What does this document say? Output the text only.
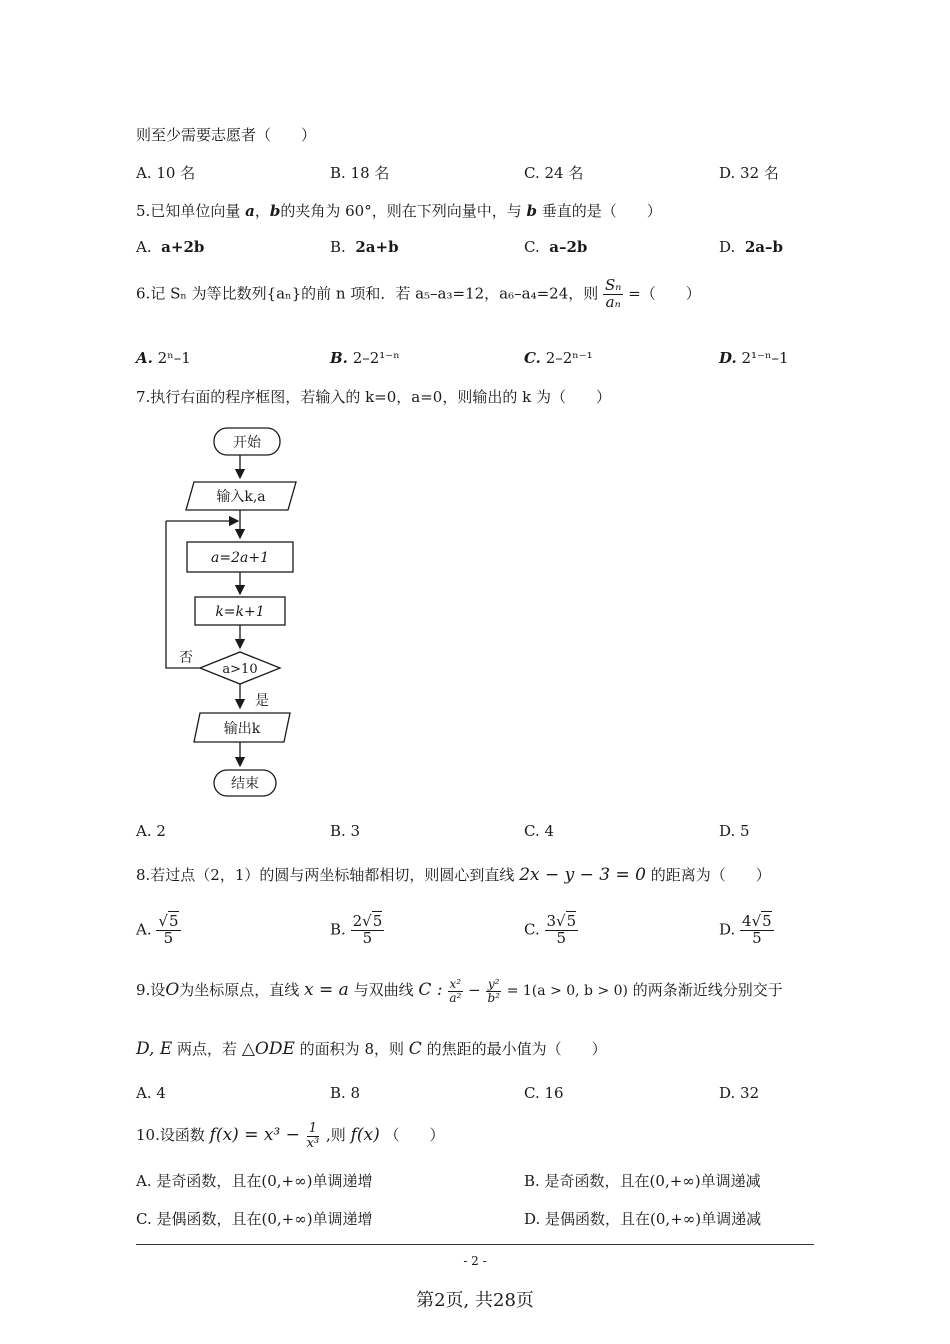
则至少需要志愿者（　　）
A. 10 名	B. 18 名	C. 24 名	D. 32 名
5.已知单位向量 a，b的夹角为 60°，则在下列向量中，与 b 垂直的是（　　）
A. a+2b	B. 2a+b	C. a–2b	D. 2a–b
6.记 Sₙ 为等比数列{aₙ}的前 n 项和．若 a₅–a₃=12，a₆–a₄=24，则 $\frac{\text{Sₙ}}{\text{aₙ}}$ =（　　）
A. 2ⁿ–1	B. 2–2¹⁻ⁿ	C. 2–2ⁿ⁻¹	D. 2¹⁻ⁿ–1
7.执行右面的程序框图，若输入的 k=0，a=0，则输出的 k 为（　　）
开始
输入k,a
a=2a+1
k=k+1
a>10
否
是
输出k
结束
A. 2	B. 3	C. 4	D. 5
8.若过点（2，1）的圆与两坐标轴都相切，则圆心到直线 2x − y − 3 = 0 的距离为（　　）
A. $\frac{√5}{5}$	B. $\frac{2√5}{5}$	C. $\frac{3√5}{5}$	D. $\frac{4√5}{5}$
9.设O为坐标原点，直线 x = a 与双曲线 C : $\frac{\text{x²}}{\text{a²}} - \frac{\text{y²}}{\text{b²}} = 1(a > 0$, b > 0) 的两条渐近线分别交于
D, E 两点，若 △ODE 的面积为 8，则 C 的焦距的最小值为（　　）
A. 4	B. 8	C. 16	D. 32
10.设函数 $f(x) = x^3 - \frac{1}{\text{x³}}$ ,则 f(x) （　　）
A. 是奇函数，且在(0,+∞)单调递增	B. 是奇函数，且在(0,+∞)单调递减
C. 是偶函数，且在(0,+∞)单调递增	D. 是偶函数，且在(0,+∞)单调递减
- 2 -
第2页, 共28页
